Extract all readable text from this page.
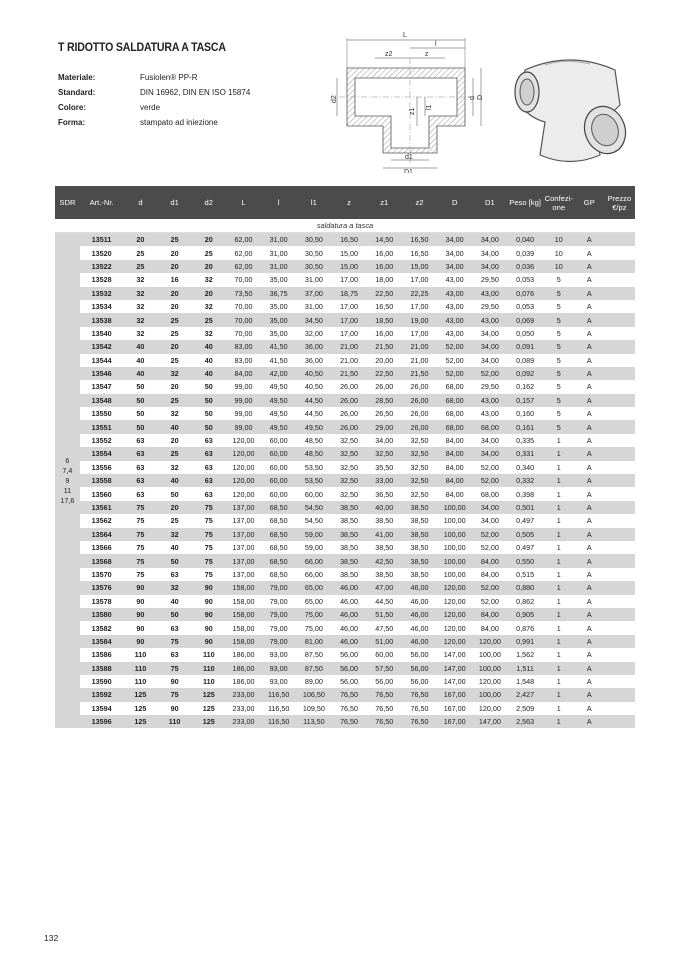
T RIDOTTO SALDATURA A TASCA
Materiale:	Fusiolen® PP-R
Standard:	DIN 16962, DIN EN ISO 15874
Colore:	verde
Forma:	stampato ad iniezione
L
l
z2	z
z1
l1
d2	d D
d1
D1
SDR	Art.-Nr.	d	d1	d2	L	l	l1	z	z1	z2	D	D1	Peso [kg]	Confezi-one	GP	Prezzo €/pz
saldatura a tasca																

6
7,4
9
11
17,6	13511	20	25	20	62,00	31,00	30,50	16,50	14,50	16,50	34,00	34,00	0,040	10	A	
	13520	25	20	25	62,00	31,00	30,50	15,00	16,00	16,50	34,00	34,00	0,039	10	A	
	13522	25	20	20	62,00	31,00	30,50	15,00	16,00	15,00	34,00	34,00	0,036	10	A	
	13528	32	16	32	70,00	35,00	31,00	17,00	18,00	17,00	43,00	29,50	0,053	5	A	
	13532	32	20	20	73,50	36,75	37,00	18,75	22,50	22,25	43,00	43,00	0,076	5	A	
	13534	32	20	32	70,00	35,00	31,00	17,00	16,50	17,00	43,00	29,50	0,053	5	A	
	13538	32	25	25	70,00	35,00	34,50	17,00	18,50	19,00	43,00	43,00	0,069	5	A	
	13540	32	25	32	70,00	35,00	32,00	17,00	16,00	17,00	43,00	34,00	0,050	5	A	
	13542	40	20	40	83,00	41,50	36,00	21,00	21,50	21,00	52,00	34,00	0,091	5	A	
	13544	40	25	40	83,00	41,50	36,00	21,00	20,00	21,00	52,00	34,00	0,089	5	A	
	13546	40	32	40	84,00	42,00	40,50	21,50	22,50	21,50	52,00	52,00	0,092	5	A	
	13547	50	20	50	99,00	49,50	40,50	26,00	26,00	26,00	68,00	29,50	0,162	5	A	
	13548	50	25	50	99,00	49,50	44,50	26,00	28,50	26,00	68,00	43,00	0,157	5	A	
	13550	50	32	50	99,00	49,50	44,50	26,00	26,50	26,00	68,00	43,00	0,160	5	A	
	13551	50	40	50	99,00	49,50	49,50	26,00	29,00	26,00	68,00	68,00	0,161	5	A	
	13552	63	20	63	120,00	60,00	48,50	32,50	34,00	32,50	84,00	34,00	0,335	1	A	
	13554	63	25	63	120,00	60,00	48,50	32,50	32,50	32,50	84,00	34,00	0,331	1	A	
	13556	63	32	63	120,00	60,00	53,50	32,50	35,50	32,50	84,00	52,00	0,340	1	A	
	13558	63	40	63	120,00	60,00	53,50	32,50	33,00	32,50	84,00	52,00	0,332	1	A	
	13560	63	50	63	120,00	60,00	60,00	32,50	36,50	32,50	84,00	68,00	0,398	1	A	
	13561	75	20	75	137,00	68,50	54,50	38,50	40,00	38,50	100,00	34,00	0,501	1	A	
	13562	75	25	75	137,00	68,50	54,50	38,50	38,50	38,50	100,00	34,00	0,497	1	A	
	13564	75	32	75	137,00	68,50	59,00	38,50	41,00	38,50	100,00	52,00	0,505	1	A	
	13566	75	40	75	137,00	68,50	59,00	38,50	38,50	38,50	100,00	52,00	0,497	1	A	
	13568	75	50	75	137,00	68,50	66,00	38,50	42,50	38,50	100,00	84,00	0,550	1	A	
	13570	75	63	75	137,00	68,50	66,00	38,50	38,50	38,50	100,00	84,00	0,515	1	A	
	13576	90	32	90	158,00	79,00	65,00	46,00	47,00	46,00	120,00	52,00	0,880	1	A	
	13578	90	40	90	158,00	79,00	65,00	46,00	44,50	46,00	120,00	52,00	0,862	1	A	
	13580	90	50	90	158,00	79,00	75,00	46,00	51,50	46,00	120,00	84,00	0,905	1	A	
	13582	90	63	90	158,00	79,00	75,00	46,00	47,50	46,00	120,00	84,00	0,876	1	A	
	13584	90	75	90	158,00	79,00	81,00	46,00	51,00	46,00	120,00	120,00	0,991	1	A	
	13586	110	63	110	186,00	93,00	87,50	56,00	60,00	56,00	147,00	100,00	1,562	1	A	
	13588	110	75	110	186,00	93,00	87,50	56,00	57,50	56,00	147,00	100,00	1,511	1	A	
	13590	110	90	110	186,00	93,00	89,00	56,00	56,00	56,00	147,00	120,00	1,548	1	A	
	13592	125	75	125	233,00	116,50	106,50	76,50	76,50	76,50	167,00	100,00	2,427	1	A	
	13594	125	90	125	233,00	116,50	109,50	76,50	76,50	76,50	167,00	120,00	2,509	1	A	
	13596	125	110	125	233,00	116,50	113,50	76,50	76,50	76,50	167,00	147,00	2,563	1	A	
132
